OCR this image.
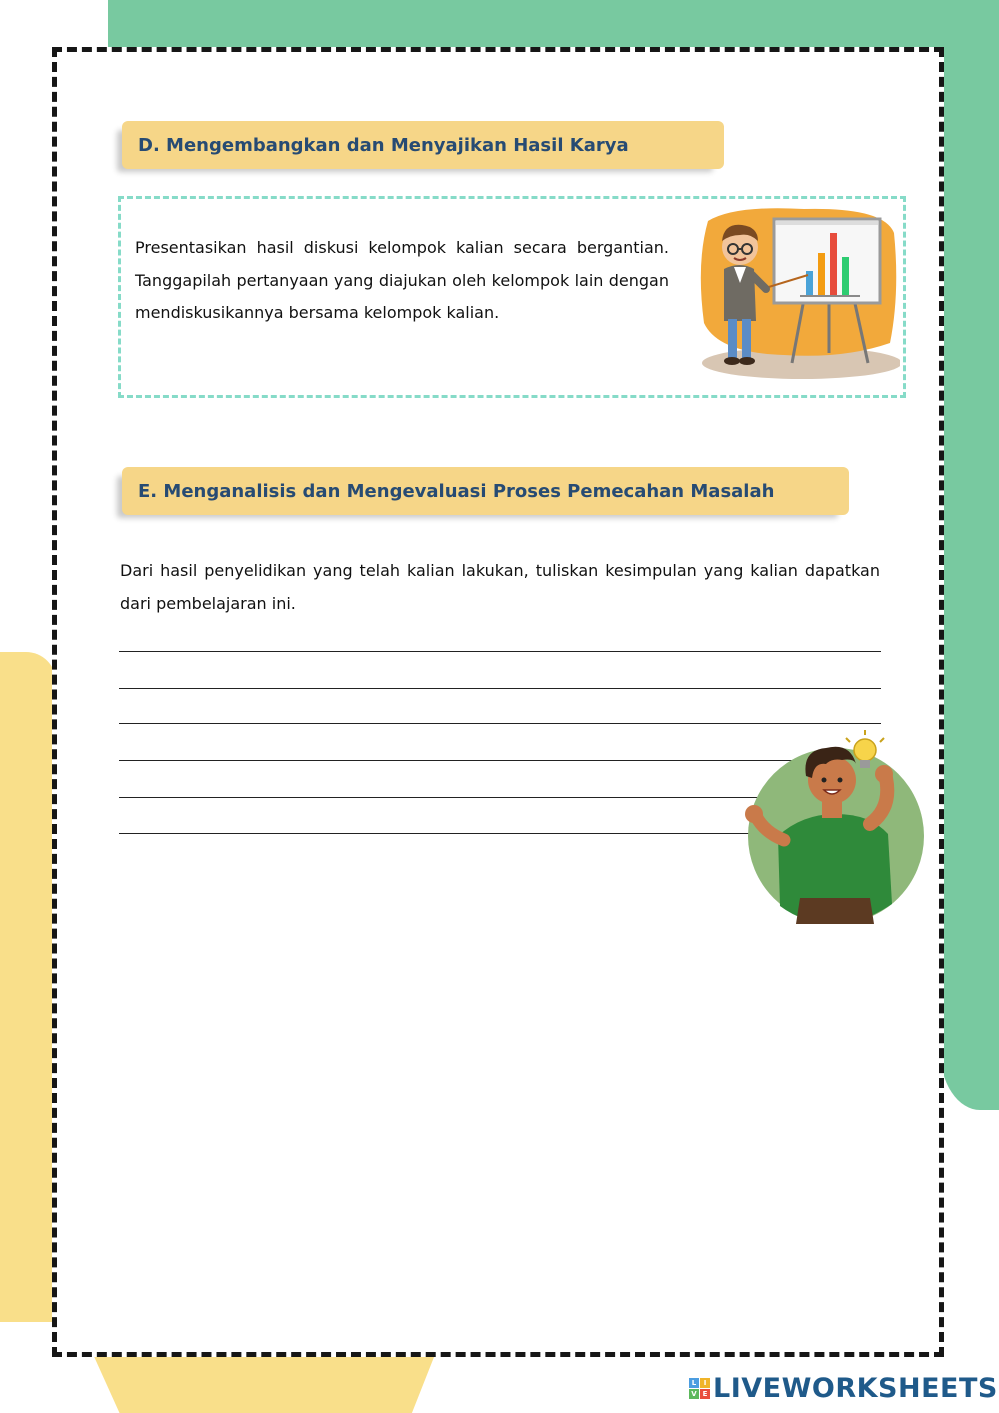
D. Mengembangkan dan Menyajikan Hasil Karya
Presentasikan hasil diskusi kelompok kalian secara bergantian. Tanggapilah pertanyaan yang diajukan oleh kelompok lain dengan mendiskusikannya bersama kelompok kalian.
E. Menganalisis dan Mengevaluasi Proses Pemecahan Masalah
Dari hasil penyelidikan yang telah kalian lakukan, tuliskan kesimpulan yang kalian dapatkan dari pembelajaran ini.
L	I
V E LIVEWORKSHEETS
